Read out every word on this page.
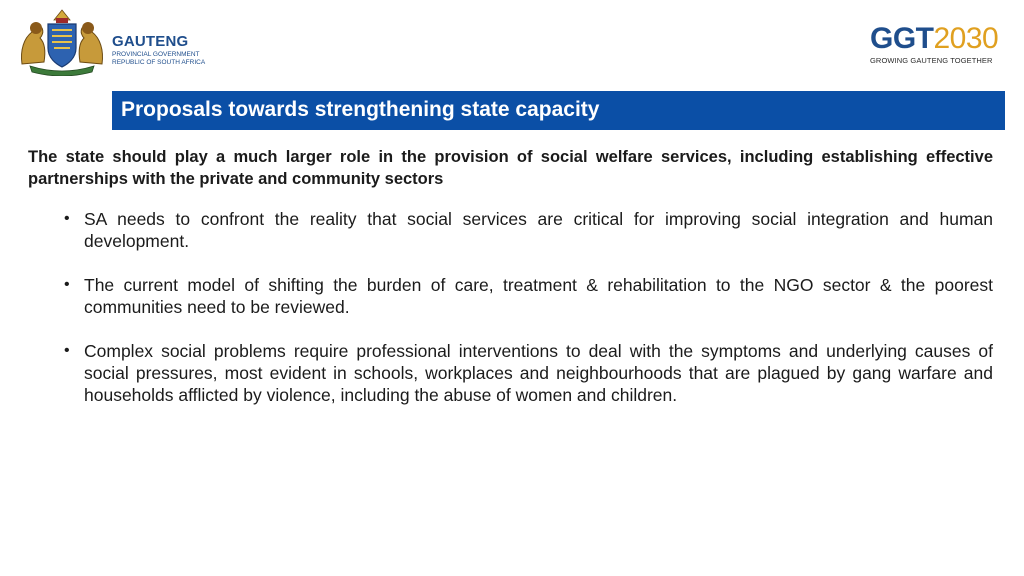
GAUTENG
PROVINCIAL GOVERNMENT
REPUBLIC OF SOUTH AFRICA
GGT2030
GROWING GAUTENG TOGETHER
Proposals towards strengthening state capacity

The state should play a much larger role in the provision of social welfare services, including establishing effective partnerships with the private and community sectors

• SA needs to confront the reality that social services are critical for improving social integration and human development.
• The current model of shifting the burden of care, treatment & rehabilitation to the NGO sector & the poorest communities need to be reviewed.
• Complex social problems require professional interventions to deal with the symptoms and underlying causes of social pressures, most evident in schools, workplaces and neighbourhoods that are plagued by gang warfare and households afflicted by violence, including the abuse of women and children.
